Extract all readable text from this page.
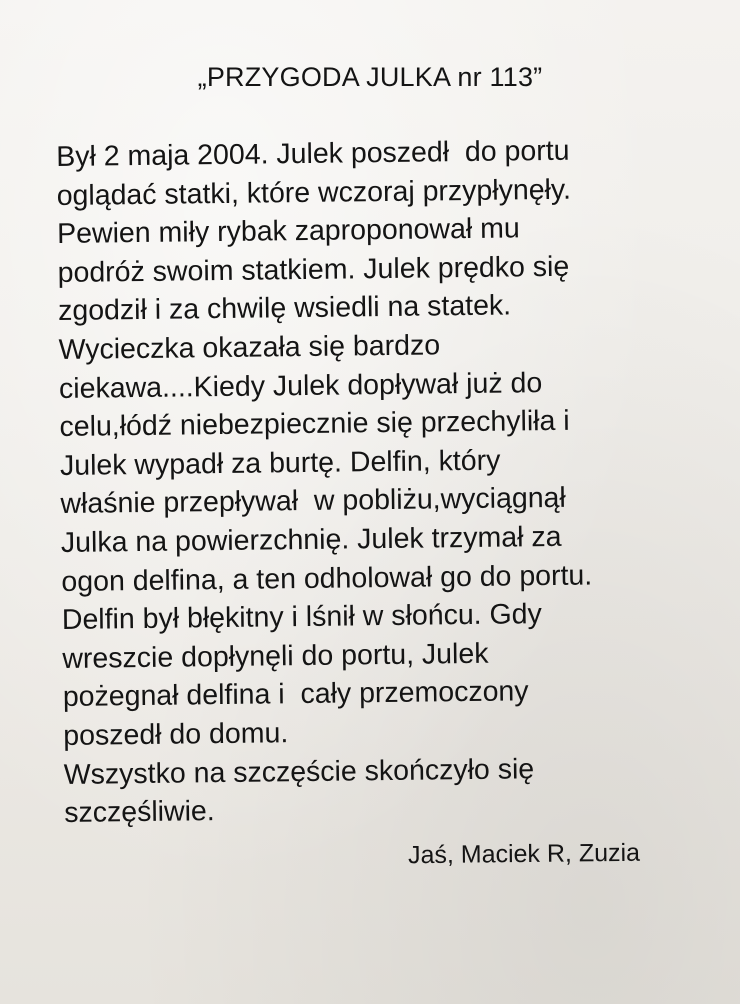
„PRZYGODA JULKA nr 113”
Był 2 maja 2004. Julek poszedł  do portu
oglądać statki, które wczoraj przypłynęły.
Pewien miły rybak zaproponował mu
podróż swoim statkiem. Julek prędko się
zgodził i za chwilę wsiedli na statek.
Wycieczka okazała się bardzo
ciekawa....Kiedy Julek dopływał już do
celu,łódź niebezpiecznie się przechyliła i
Julek wypadł za burtę. Delfin, który
właśnie przepływał  w pobliżu,wyciągnął
Julka na powierzchnię. Julek trzymał za
ogon delfina, a ten odholował go do portu.
Delfin był błękitny i lśnił w słońcu. Gdy
wreszcie dopłynęli do portu, Julek
pożegnał delfina i  cały przemoczony
poszedł do domu.
Wszystko na szczęście skończyło się
szczęśliwie.
Jaś, Maciek R, Zuzia
